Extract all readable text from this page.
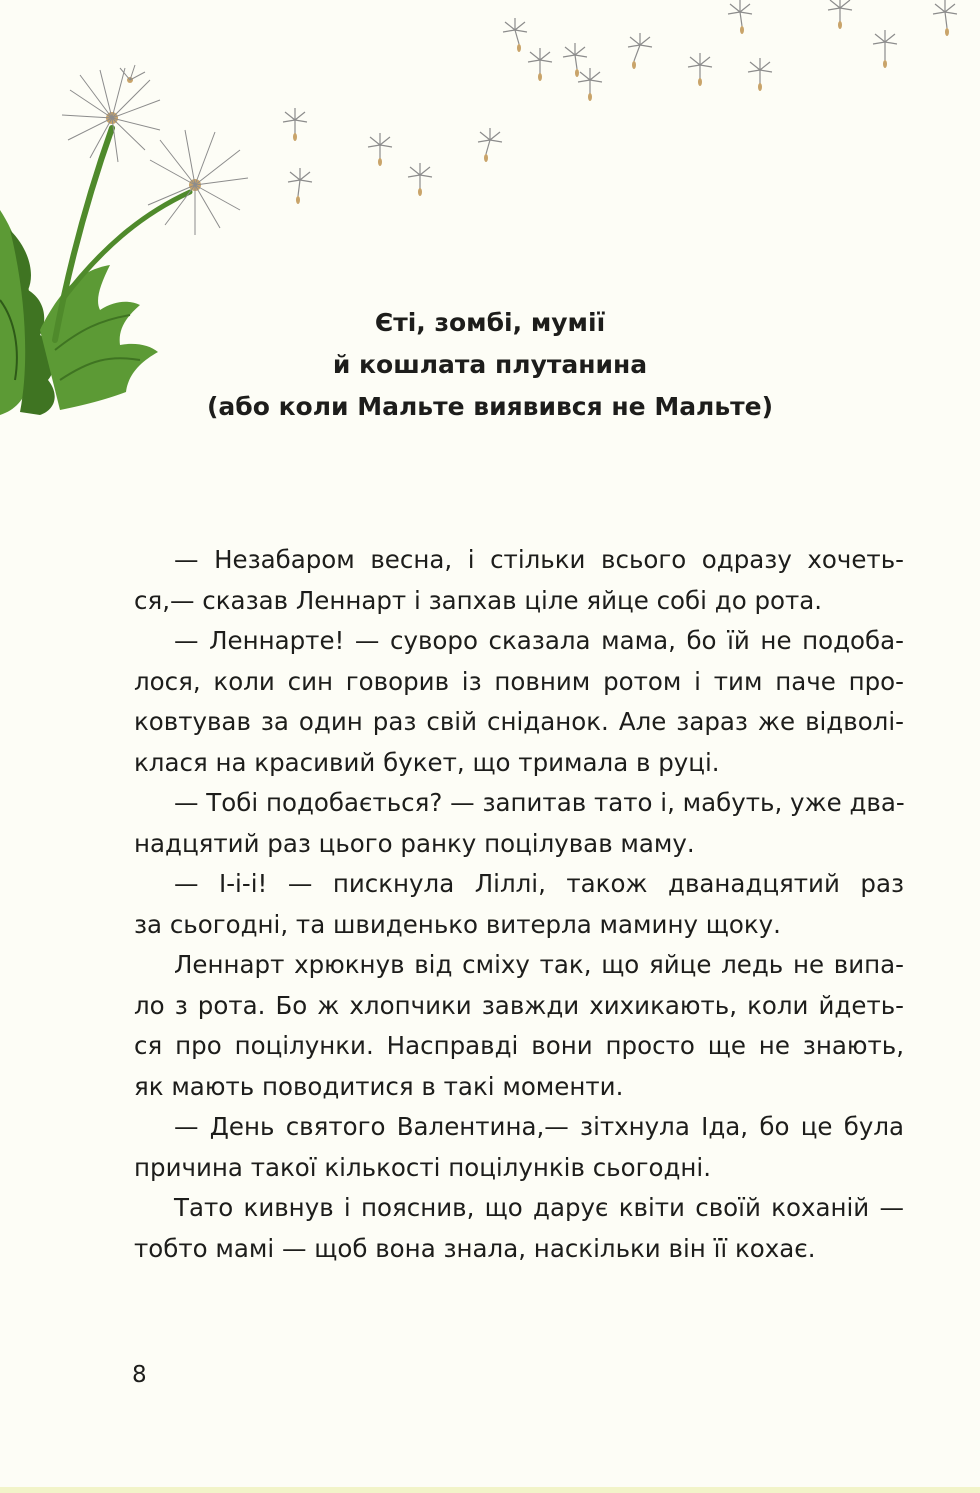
Єті, зомбі, мумії
й кошлата плутанина
(або коли Мальте виявився не Мальте)
— Незабаром весна, і стільки всього одразу хочеть-
ся,— сказав Леннарт і запхав ціле яйце собі до рота.
— Леннарте! — суворо сказала мама, бо їй не подоба-
лося, коли син говорив із повним ротом і тим паче про-
ковтував за один раз свій сніданок. Але зараз же відволі-
клася на красивий букет, що тримала в руці.
— Тобі подобається? — запитав тато і, мабуть, уже два-
надцятий раз цього ранку поцілував маму.
— І-і-і! — пискнула Ліллі, також дванадцятий раз
за сьогодні, та швиденько витерла мамину щоку.
Леннарт хрюкнув від сміху так, що яйце ледь не випа-
ло з рота. Бо ж хлопчики завжди хихикають, коли йдеть-
ся про поцілунки. Насправді вони просто ще не знають,
як мають поводитися в такі моменти.
— День святого Валентина,— зітхнула Іда, бо це була
причина такої кількості поцілунків сьогодні.
Тато кивнув і пояснив, що дарує квіти своїй коханій —
тобто мамі — щоб вона знала, наскільки він її кохає.
8
